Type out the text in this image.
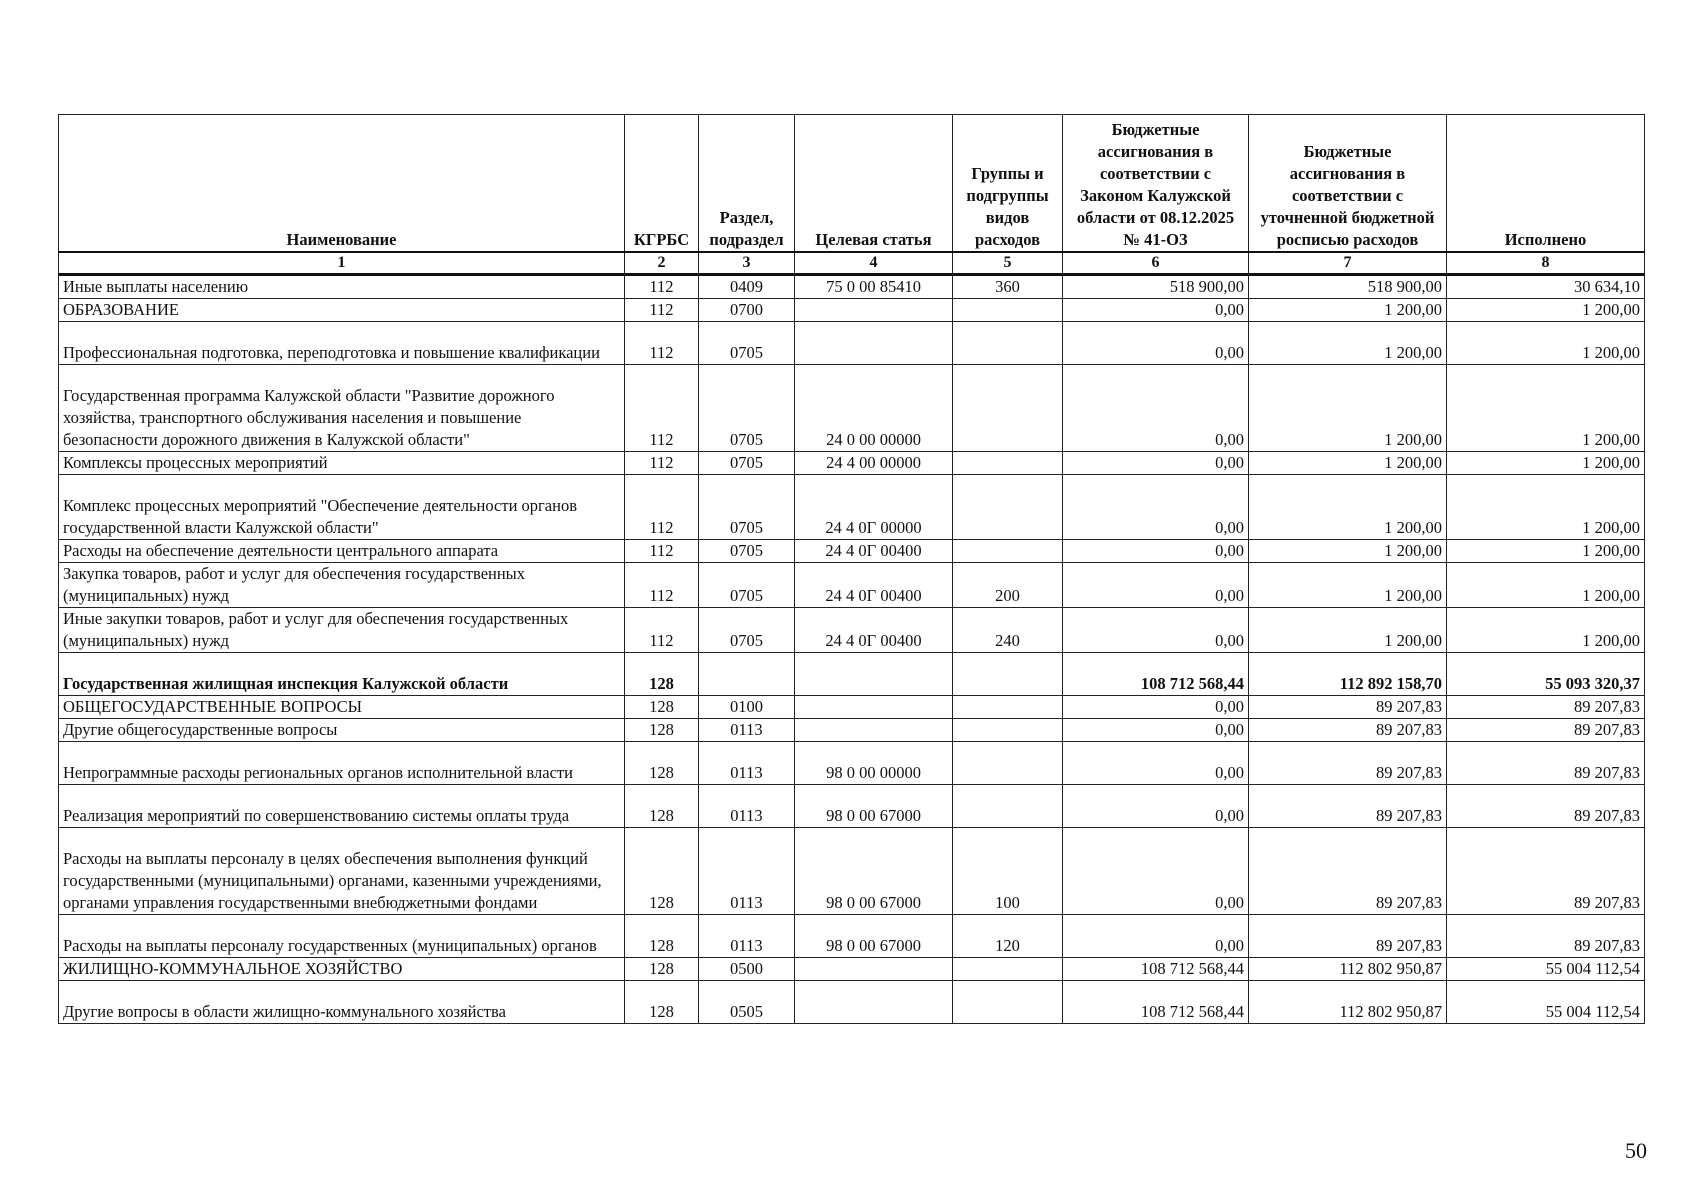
Наименование	КГРБС	Раздел, подраздел	Целевая статья	Группы и подгруппы видов расходов	Бюджетные ассигнования в соответствии с Законом Калужской области от 08.12.2025 № 41-ОЗ	Бюджетные ассигнования в соответствии с уточненной бюджетной росписью расходов	Исполнено
1	2	3	4	5	6	7	8
Иные выплаты населению	112	0409	75 0 00 85410	360	518 900,00	518 900,00	30 634,10
ОБРАЗОВАНИЕ	112	0700			0,00	1 200,00	1 200,00
Профессиональная подготовка, переподготовка и повышение квалификации	112	0705			0,00	1 200,00	1 200,00
Государственная программа Калужской области "Развитие дорожного хозяйства, транспортного обслуживания населения и повышение безопасности дорожного движения в Калужской области"	112	0705	24 0 00 00000		0,00	1 200,00	1 200,00
Комплексы процессных мероприятий	112	0705	24 4 00 00000		0,00	1 200,00	1 200,00
Комплекс процессных мероприятий "Обеспечение деятельности органов государственной власти Калужской области"	112	0705	24 4 0Г 00000		0,00	1 200,00	1 200,00
Расходы на обеспечение деятельности центрального аппарата	112	0705	24 4 0Г 00400		0,00	1 200,00	1 200,00
Закупка товаров, работ и услуг для обеспечения государственных (муниципальных) нужд	112	0705	24 4 0Г 00400	200	0,00	1 200,00	1 200,00
Иные закупки товаров, работ и услуг для обеспечения государственных (муниципальных) нужд	112	0705	24 4 0Г 00400	240	0,00	1 200,00	1 200,00
Государственная жилищная инспекция Калужской области	128				108 712 568,44	112 892 158,70	55 093 320,37
ОБЩЕГОСУДАРСТВЕННЫЕ ВОПРОСЫ	128	0100			0,00	89 207,83	89 207,83
Другие общегосударственные вопросы	128	0113			0,00	89 207,83	89 207,83
Непрограммные расходы региональных органов исполнительной власти	128	0113	98 0 00 00000		0,00	89 207,83	89 207,83
Реализация мероприятий по совершенствованию системы оплаты труда	128	0113	98 0 00 67000		0,00	89 207,83	89 207,83
Расходы на выплаты персоналу в целях обеспечения выполнения функций государственными (муниципальными) органами, казенными учреждениями, органами управления государственными внебюджетными фондами	128	0113	98 0 00 67000	100	0,00	89 207,83	89 207,83
Расходы на выплаты персоналу государственных (муниципальных) органов	128	0113	98 0 00 67000	120	0,00	89 207,83	89 207,83
ЖИЛИЩНО-КОММУНАЛЬНОЕ ХОЗЯЙСТВО	128	0500			108 712 568,44	112 802 950,87	55 004 112,54
Другие вопросы в области жилищно-коммунального хозяйства	128	0505			108 712 568,44	112 802 950,87	55 004 112,54
50
